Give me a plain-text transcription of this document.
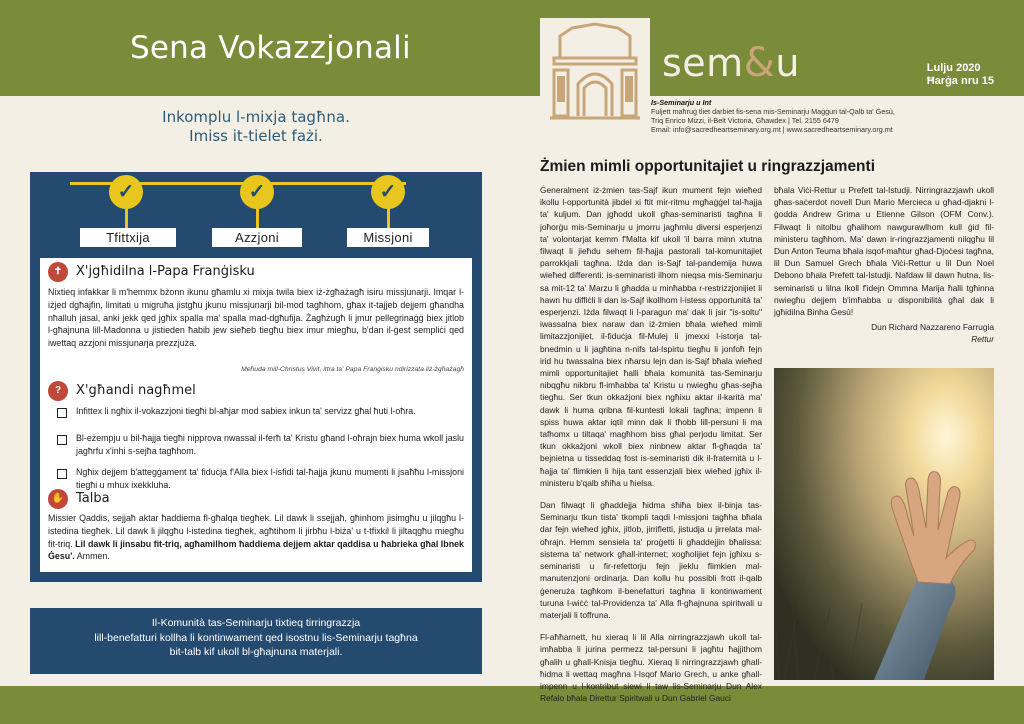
Sena Vokazzjonali	sem&u	Lulju 2020
Ħarġa nru 15
Is-Seminarju u Int
Fuljett maħruġ tliet darbiet fis-sena mis-Seminarju Maġġuri tal-Qalb ta' Ġesù,
Triq Enrico Mizzi, il-Belt Victoria, Għawdex | Tel. 2155 6479
Email: info@sacredheartseminary.org.mt | www.sacredheartseminary.org.mt
Inkomplu l-mixja tagħna.
Imiss it-tielet fażi.
✓	✓	✓
Tfittxija	Azzjoni	Missjoni
✝	X'jgħidilna l-Papa Franġisku
Nixtieq infakkar li m'hemmx bżonn ikunu għamlu xi mixja twila biex iż-żgħażagħ isiru missjunarji. Imqar l-iżjed dgħajfin, limitati u migruħa jistgħu jkunu missjunarji bil-mod tagħhom, għax it-tajjeb dejjem għandha nħalluh jasal, anki jekk qed jgħix spalla ma' spalla mad-dgħufija. Żagħżugħ li jmur pellegrinaġġ biex jitlob l-għajnuna lill-Madonna u jistieden ħabib jew sieħeb tiegħu biex imur miegħu, b'dan il-ġest sempliċi qed iwettaq azzjoni missjunarja prezzjuża.
Meħuda mill-Christus Vivit, ittra ta' Papa Franġisku ndirizzata liż-żgħażagħ
?	X'għandi nagħmel
Infittex li ngħix il-vokazzjoni tiegħi bl-aħjar mod sabiex inkun ta' servizz għal ħuti l-oħra.
Bl-eżempju u bil-ħajja tiegħi nipprova nwassal il-ferħ ta' Kristu għand l-oħrajn biex huma wkoll jaslu jagħrfu x'inhi s-sejħa tagħhom.
Ngħix dejjem b'attegġament ta' fiduċja f'Alla biex l-isfidi tal-ħajja jkunu mumenti li jsaħħu l-missjoni tiegħi u mhux ixekkluha.
✋ Talba
Missier Qaddis, sejjaħ aktar ħaddiema fl-għalqa tiegħek. Lil dawk li ssejjaħ, għinhom jisimgħu u jilqgħu l-istedina tiegħek. Lil dawk li jilqgħu l-istedina tiegħek, agħtihom li jirbħu l-biża' u t-tfixkil li jiltaqgħu miegħu fit-triq. Lil dawk li jinsabu fit-triq, agħamilhom ħaddiema dejjem aktar qaddisa u ħabrieka għal Ibnek Ġesu'. Ammen.
Il-Komunità tas-Seminarju tixtieq tirringrazzja
lill-benefatturi kollha li kontinwament qed isostnu lis-Seminarju tagħna
bit-talb kif ukoll bl-għajnuna materjali.
Żmien mimli opportunitajiet u ringrazzjamenti

Ġeneralment iż-żmien tas-Sajf ikun mument fejn wieħed ikollu l-opportunità jibdel xi ftit mir-ritmu mgħaġġel tal-ħajja ta' kuljum. Dan jgħodd ukoll għas-seminaristi tagħna li joħorġu mis-Seminarju u jmorru jagħmlu diversi esperjenzi ta' volontarjat kemm f'Malta kif ukoll 'il barra minn xtutna filwaqt li jieħdu sehem fil-ħajja pastorali tal-komunitajiet parrokkjali tagħna. Iżda dan is-Sajf tal-pandemija huwa wieħed differenti: is-seminaristi ilhom nieqsa mis-Seminarju sa mit-12 ta' Marzu li għadda u minħabba r-restrizzjonijiet li hawn hu diffiċli li dan is-Sajf ikollhom l-istess opportunità ta' esperjenzi. Iżda filwaqt li l-paragun ma' dak li jsir "is-soltu" iwassalna biex naraw dan iż-żmien bħala wieħed mimli limitazzjonijiet, il-fiduċja fil-Mulej li jmexxi l-istorja tal-bnedmin u li jagħtina n-nifs tal-Ispirtu tiegħu li jonfoħ fejn irid hu twassalna biex nħarsu lejn dan is-Sajf bħala wieħed mimli opportunitajiet ħalli bħala komunità tas-Seminarju nibqgħu nikbru fl-imħabba ta' Kristu u nwiegħu għas-sejħa tiegħu. Ser tkun okkażjoni biex ngħixu aktar il-karità ma' dawk li huma qribna fil-kuntesti lokali tagħna; impenn li spiss huwa aktar iqtil minn dak li tħobb lill-persuni li ma tafhomx u tiltaqa' magħhom biss għal perjodu limitat. Ser tkun okkażjoni wkoll biex ninbnew aktar fl-għaqda ta' bejnietna u tisseddaq fost is-seminaristi dik il-fraternità u l-ħajja ta' flimkien li hija tant essenzjali biex wieħed jgħix il-ministeru b'qalb sħiħa u ħielsa.

Dan filwaqt li għaddejja ħidma sħiħa biex il-binja tas-Seminarju tkun tista' tkompli taqdi l-missjoni tagħha bħala dar fejn wieħed jgħix, jitlob, jirrifletti, jistudja u jirrelata mal-oħrajn. Hemm sensiela ta' proġetti li għaddejjin bħalissa: sistema ta' network għall-internet; xogħolijiet fejn jgħixu s-seminaristi u fir-refettorju fejn jieklu flimkien mal-manutenzjoni ordinarja. Dan kollu hu possibli frott il-qalb ġeneruża tagħkom il-benefatturi tagħna li kontinwament turuna l-wiċċ tal-Providenza ta' Alla fl-għajnuna spiritwali u materjali li toffruna.

Fl-aħħarnett, hu xieraq li lil Alla nirringrazzjawh ukoll tal-imħabba li jurina permezz tal-persuni li jagħtu ħajjithom għalih u għall-Knisja tiegħu. Xieraq li nirringrazzjawh għall-ħidma li wettaq magħna l-Isqof Mario Grech, u anke għall-impenn u l-kontribut siewi li taw lis-Seminarju Dun Alex Refalo bħala Direttur Spiritwali u Dun Gabriel Gauci

bħala Viċi-Rettur u Prefett tal-Istudji. Nirringrazzjawh ukoll għas-saċerdot novell Dun Mario Mercieca u għad-djakni l-ġodda Andrew Grima u Etienne Gilson (OFM Conv.). Filwaqt li nitolbu għalihom nawgurawlhom kull ġid fil-ministeru tagħhom. Ma' dawn ir-ringrazzjamenti nilqgħu lil Dun Anton Teuma bħala isqof-maħtur għad-Djoċesi tagħna, lil Dun Samuel Grech bħala Viċi-Rettur u lil Dun Noel Debono bħala Prefett tal-Istudji. Nafdaw lil dawn ħutna, lis-seminaristi u lilna lkoll f'idejn Ommna Marija ħalli tgħinna nwiegħu dejjem b'imħabba u disponibilità għal dak li jgħidilna Binha Ġesù!

Dun Richard Nazzareno Farrugia
Rettur
